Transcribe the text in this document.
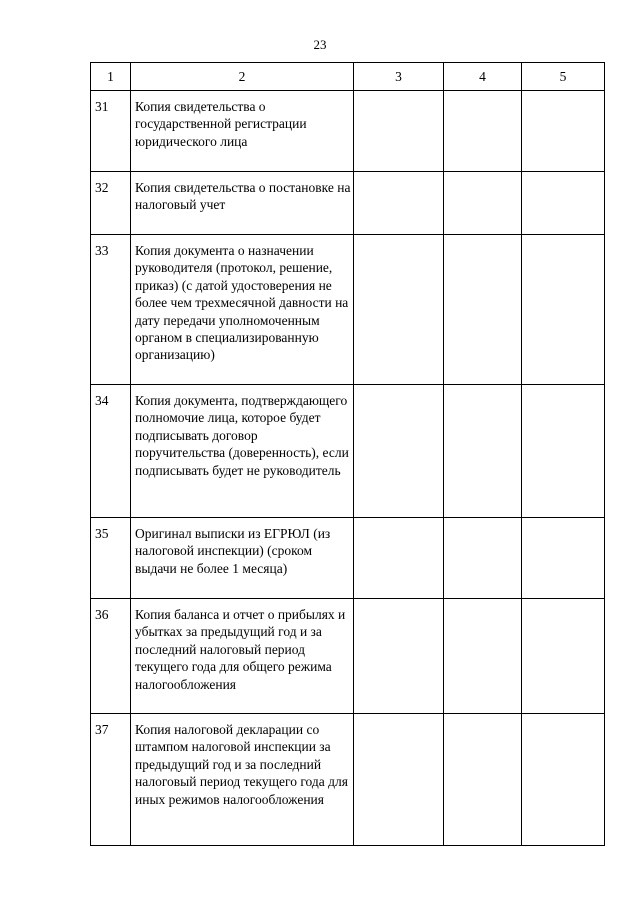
23
1	2	3	4	5

31	Копия свидетельства о государственной регистрации юридического лица			

32	Копия свидетельства о постановке на налоговый учет			

33	Копия документа о назначении руководителя (протокол, решение, приказ) (с датой удостоверения не более чем трехмесячной давности на дату передачи уполномоченным органом в специализированную организацию)			

34	Копия документа, подтверждающего полномочие лица, которое будет подписывать договор поручительства (доверенность), если подписывать будет не руководитель			

35	Оригинал выписки из ЕГРЮЛ (из налоговой инспекции) (сроком выдачи не более 1 месяца)			

36	Копия баланса и отчет о прибылях и убытках за предыдущий год и за последний налоговый период текущего года для общего режима налогообложения			

37	Копия налоговой декларации со штампом налоговой инспекции за предыдущий год и за последний налоговый период текущего года для иных режимов налогообложения			
